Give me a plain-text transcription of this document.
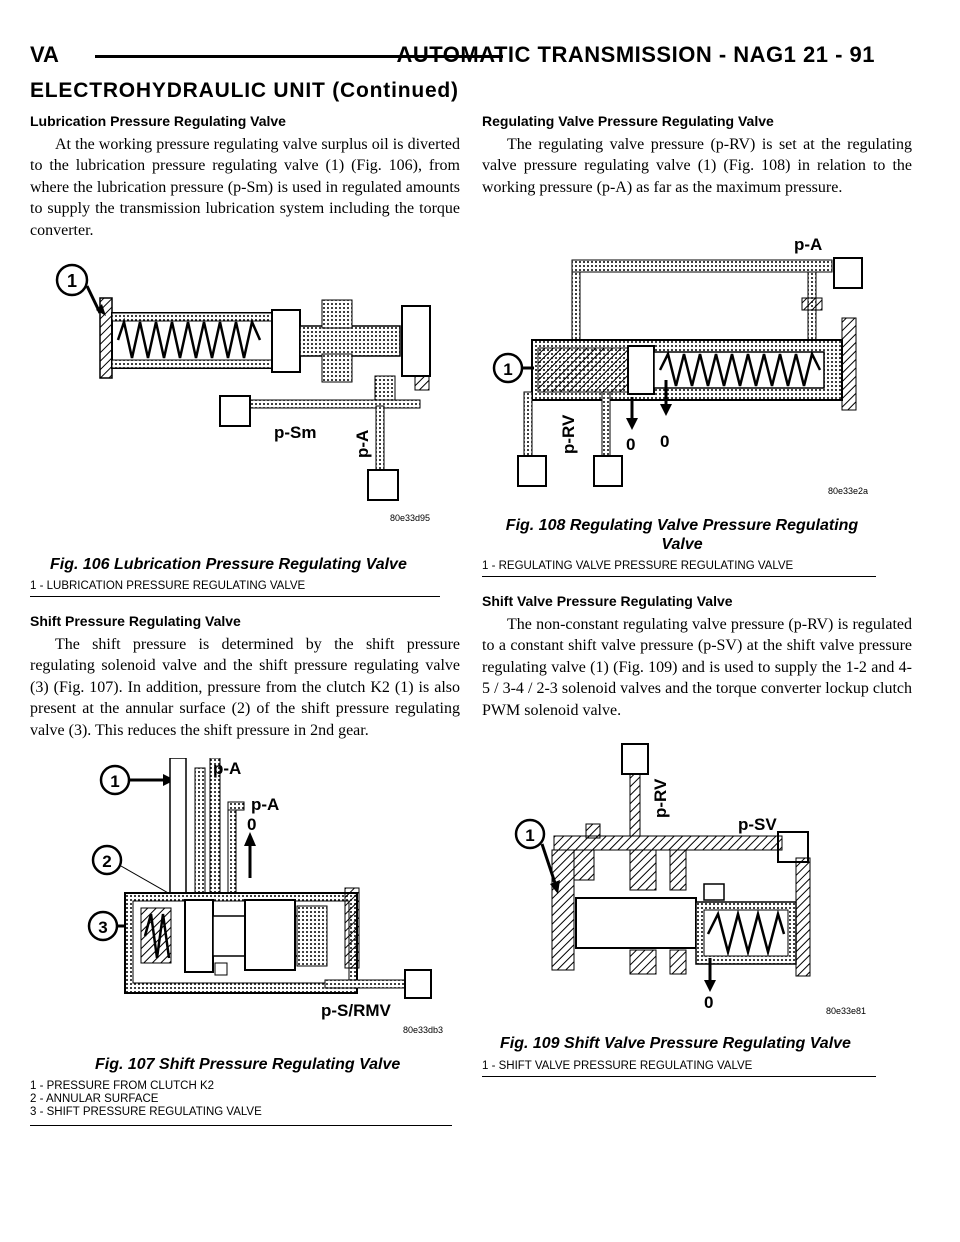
VA	AUTOMATIC TRANSMISSION - NAG1 21 - 91
ELECTROHYDRAULIC UNIT (Continued)

Lubrication Pressure Regulating Valve

At the working pressure regulating valve surplus oil is diverted to the lubrication pressure regulating valve (1) (Fig. 106), from where the lubrication pressure (p-Sm) is used in regulated amounts to supply the transmission lubrication system including the torque converter.

1
p-Sm p-A
80e33d95
Fig. 106 Lubrication Pressure Regulating Valve
1 - LUBRICATION PRESSURE REGULATING VALVE

Shift Pressure Regulating Valve

The shift pressure is determined by the shift pressure regulating solenoid valve and the shift pressure regulating valve (3) (Fig. 107). In addition, pressure from the clutch K2 (1) is also present at the annular surface (2) of the shift pressure regulating valve (3). This reduces the shift pressure in 2nd gear.

1
2
3
0
p-A
p-A
p-S/RMV
80e33db3
Fig. 107 Shift Pressure Regulating Valve
1 - PRESSURE FROM CLUTCH K2
2 - ANNULAR SURFACE
3 - SHIFT PRESSURE REGULATING VALVE

Regulating Valve Pressure Regulating Valve

The regulating valve pressure (p-RV) is set at the regulating valve pressure regulating valve (1) (Fig. 108) in relation to the working pressure (p-A) as far as the maximum pressure.

p-A
1
p-RV	0 0
80e33e2a
Fig. 108 Regulating Valve Pressure Regulating
Valve
1 - REGULATING VALVE PRESSURE REGULATING VALVE

Shift Valve Pressure Regulating Valve

The non-constant regulating valve pressure (p-RV) is regulated to a constant shift valve pressure (p-SV) at the shift valve pressure regulating valve (1) (Fig. 109) and is used to supply the 1-2 and 4-5 / 3-4 / 2-3 solenoid valves and the torque converter lockup clutch PWM solenoid valve.

p-RV
p-SV
1
0	80e33e81
Fig. 109 Shift Valve Pressure Regulating Valve
1 - SHIFT VALVE PRESSURE REGULATING VALVE
